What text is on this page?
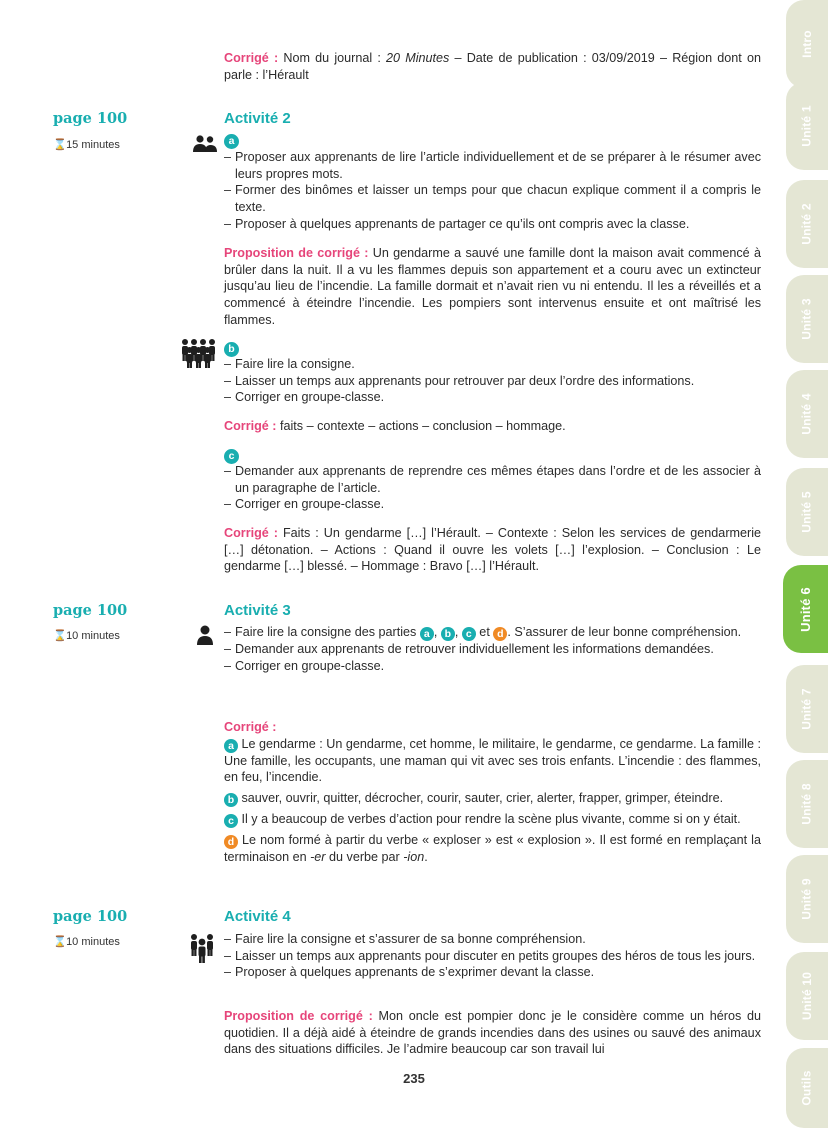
Intro
Unité 1
Unité 2
Unité 3
Unité 4
Unité 5
Unité 6
Unité 7
Unité 8
Unité 9
Unité 10
Outils
Corrigé : Nom du journal : 20 Minutes – Date de publication : 03/09/2019 – Région dont on parle : l’Hérault
page 100
⌛ 15 minutes
Activité 2
a
– Proposer aux apprenants de lire l’article individuellement et de se préparer à le résumer avec leurs propres mots.
– Former des binômes et laisser un temps pour que chacun explique comment il a compris le texte.
– Proposer à quelques apprenants de partager ce qu’ils ont compris avec la classe.
Proposition de corrigé : Un gendarme a sauvé une famille dont la maison avait commencé à brûler dans la nuit. Il a vu les flammes depuis son appartement et a couru avec un extincteur jusqu’au lieu de l’incendie. La famille dormait et n’avait rien vu ni entendu. Il les a réveillés et a commencé à éteindre l’incendie. Les pompiers sont intervenus ensuite et ont maîtrisé les flammes.
b
– Faire lire la consigne.
– Laisser un temps aux apprenants pour retrouver par deux l’ordre des informations.
– Corriger en groupe-classe.
Corrigé : faits – contexte – actions – conclusion – hommage.
c
– Demander aux apprenants de reprendre ces mêmes étapes dans l’ordre et de les associer à un paragraphe de l’article.
– Corriger en groupe-classe.
Corrigé : Faits : Un gendarme […] l’Hérault. – Contexte : Selon les services de gendarmerie […] détonation. – Actions : Quand il ouvre les volets […] l’explosion. – Conclusion : Le gendarme […] blessé. – Hommage : Bravo […] l’Hérault.
page 100
⌛ 10 minutes
Activité 3
– Faire lire la consigne des parties a , b , c et d . S’assurer de leur bonne compréhension.
– Demander aux apprenants de retrouver individuellement les informations demandées.
– Corriger en groupe-classe.
Corrigé :
a Le gendarme : Un gendarme, cet homme, le militaire, le gendarme, ce gendarme. La famille : Une famille, les occupants, une maman qui vit avec ses trois enfants. L’incendie : des flammes, en feu, l’incendie.
b sauver, ouvrir, quitter, décrocher, courir, sauter, crier, alerter, frapper, grimper, éteindre.
c Il y a beaucoup de verbes d’action pour rendre la scène plus vivante, comme si on y était.
d Le nom formé à partir du verbe « exploser » est « explosion ». Il est formé en remplaçant la terminaison en -er du verbe par -ion.
page 100
⌛ 10 minutes
Activité 4
– Faire lire la consigne et s’assurer de sa bonne compréhension.
– Laisser un temps aux apprenants pour discuter en petits groupes des héros de tous les jours.
– Proposer à quelques apprenants de s’exprimer devant la classe.
Proposition de corrigé : Mon oncle est pompier donc je le considère comme un héros du quotidien. Il a déjà aidé à éteindre de grands incendies dans des usines ou sauvé des animaux dans des situations difficiles. Je l’admire beaucoup car son travail lui
235
